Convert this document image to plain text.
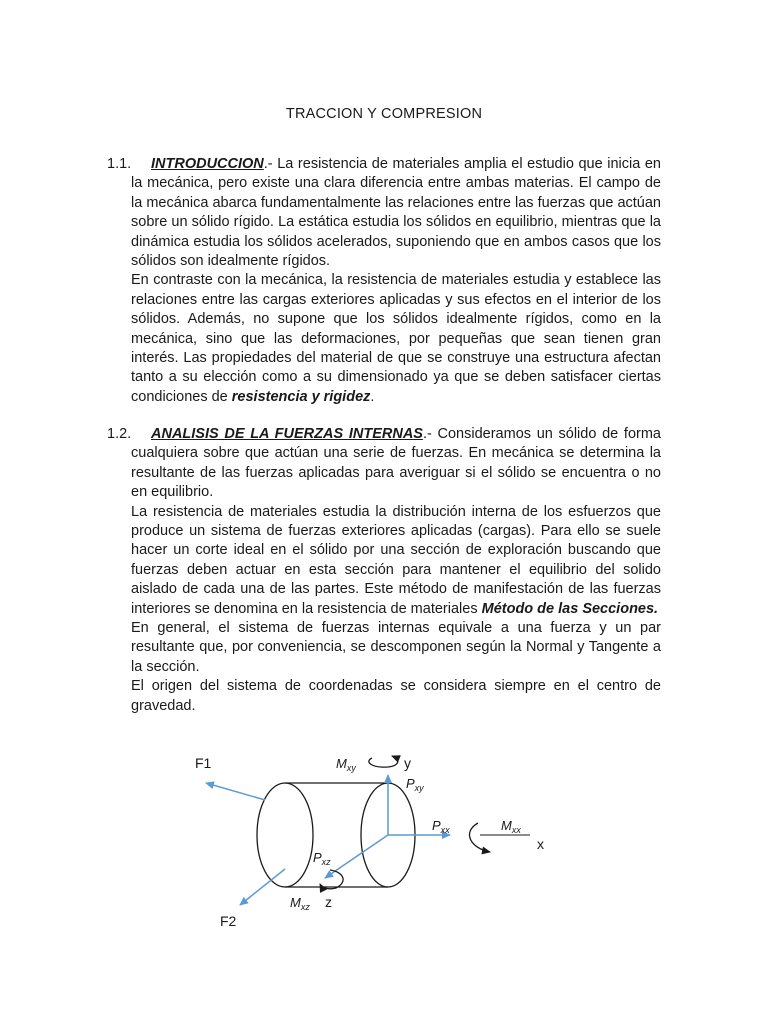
TRACCION Y COMPRESION
1.1.	INTRODUCCION.- La resistencia de materiales amplia el estudio que inicia en la mecánica, pero existe una clara diferencia entre ambas materias. El campo de la mecánica abarca fundamentalmente las relaciones entre las fuerzas que actúan sobre un sólido rígido. La estática estudia los sólidos en equilibrio, mientras que la dinámica estudia los sólidos acelerados, suponiendo que en ambos casos que los sólidos son idealmente rígidos.

En contraste con la mecánica, la resistencia de materiales estudia y establece las relaciones entre las cargas exteriores aplicadas y sus efectos en el interior de los sólidos. Además, no supone que los sólidos idealmente rígidos, como en la mecánica, sino que las deformaciones, por pequeñas que sean tienen gran interés. Las propiedades del material de que se construye una estructura afectan tanto a su elección como a su dimensionado ya que se deben satisfacer ciertas condiciones de resistencia y rigidez.

1.2.	ANALISIS DE LA FUERZAS INTERNAS.- Consideramos un sólido de forma cualquiera sobre que actúan una serie de fuerzas. En mecánica se determina la resultante de las fuerzas aplicadas para averiguar si el sólido se encuentra o no en equilibrio.

La resistencia de materiales estudia la distribución interna de los esfuerzos que produce un sistema de fuerzas exteriores aplicadas (cargas). Para ello se suele hacer un corte ideal en el sólido por una sección de exploración buscando que fuerzas deben actuar en esta sección para mantener el equilibrio del solido aislado de cada una de las partes. Este método de manifestación de las fuerzas interiores se denomina en la resistencia de materiales Método de las Secciones.

En general, el sistema de fuerzas internas equivale a una fuerza y un par resultante que, por conveniencia, se descomponen según la Normal y Tangente a la sección.

El origen del sistema de coordenadas se considera siempre en el centro de gravedad.

F1
F2
y
x
z
$M_{xy}$
$P_{xy}$
$P_{xx}$	$M_{xx}$
$P_{xz}$
$M_{xz}$
